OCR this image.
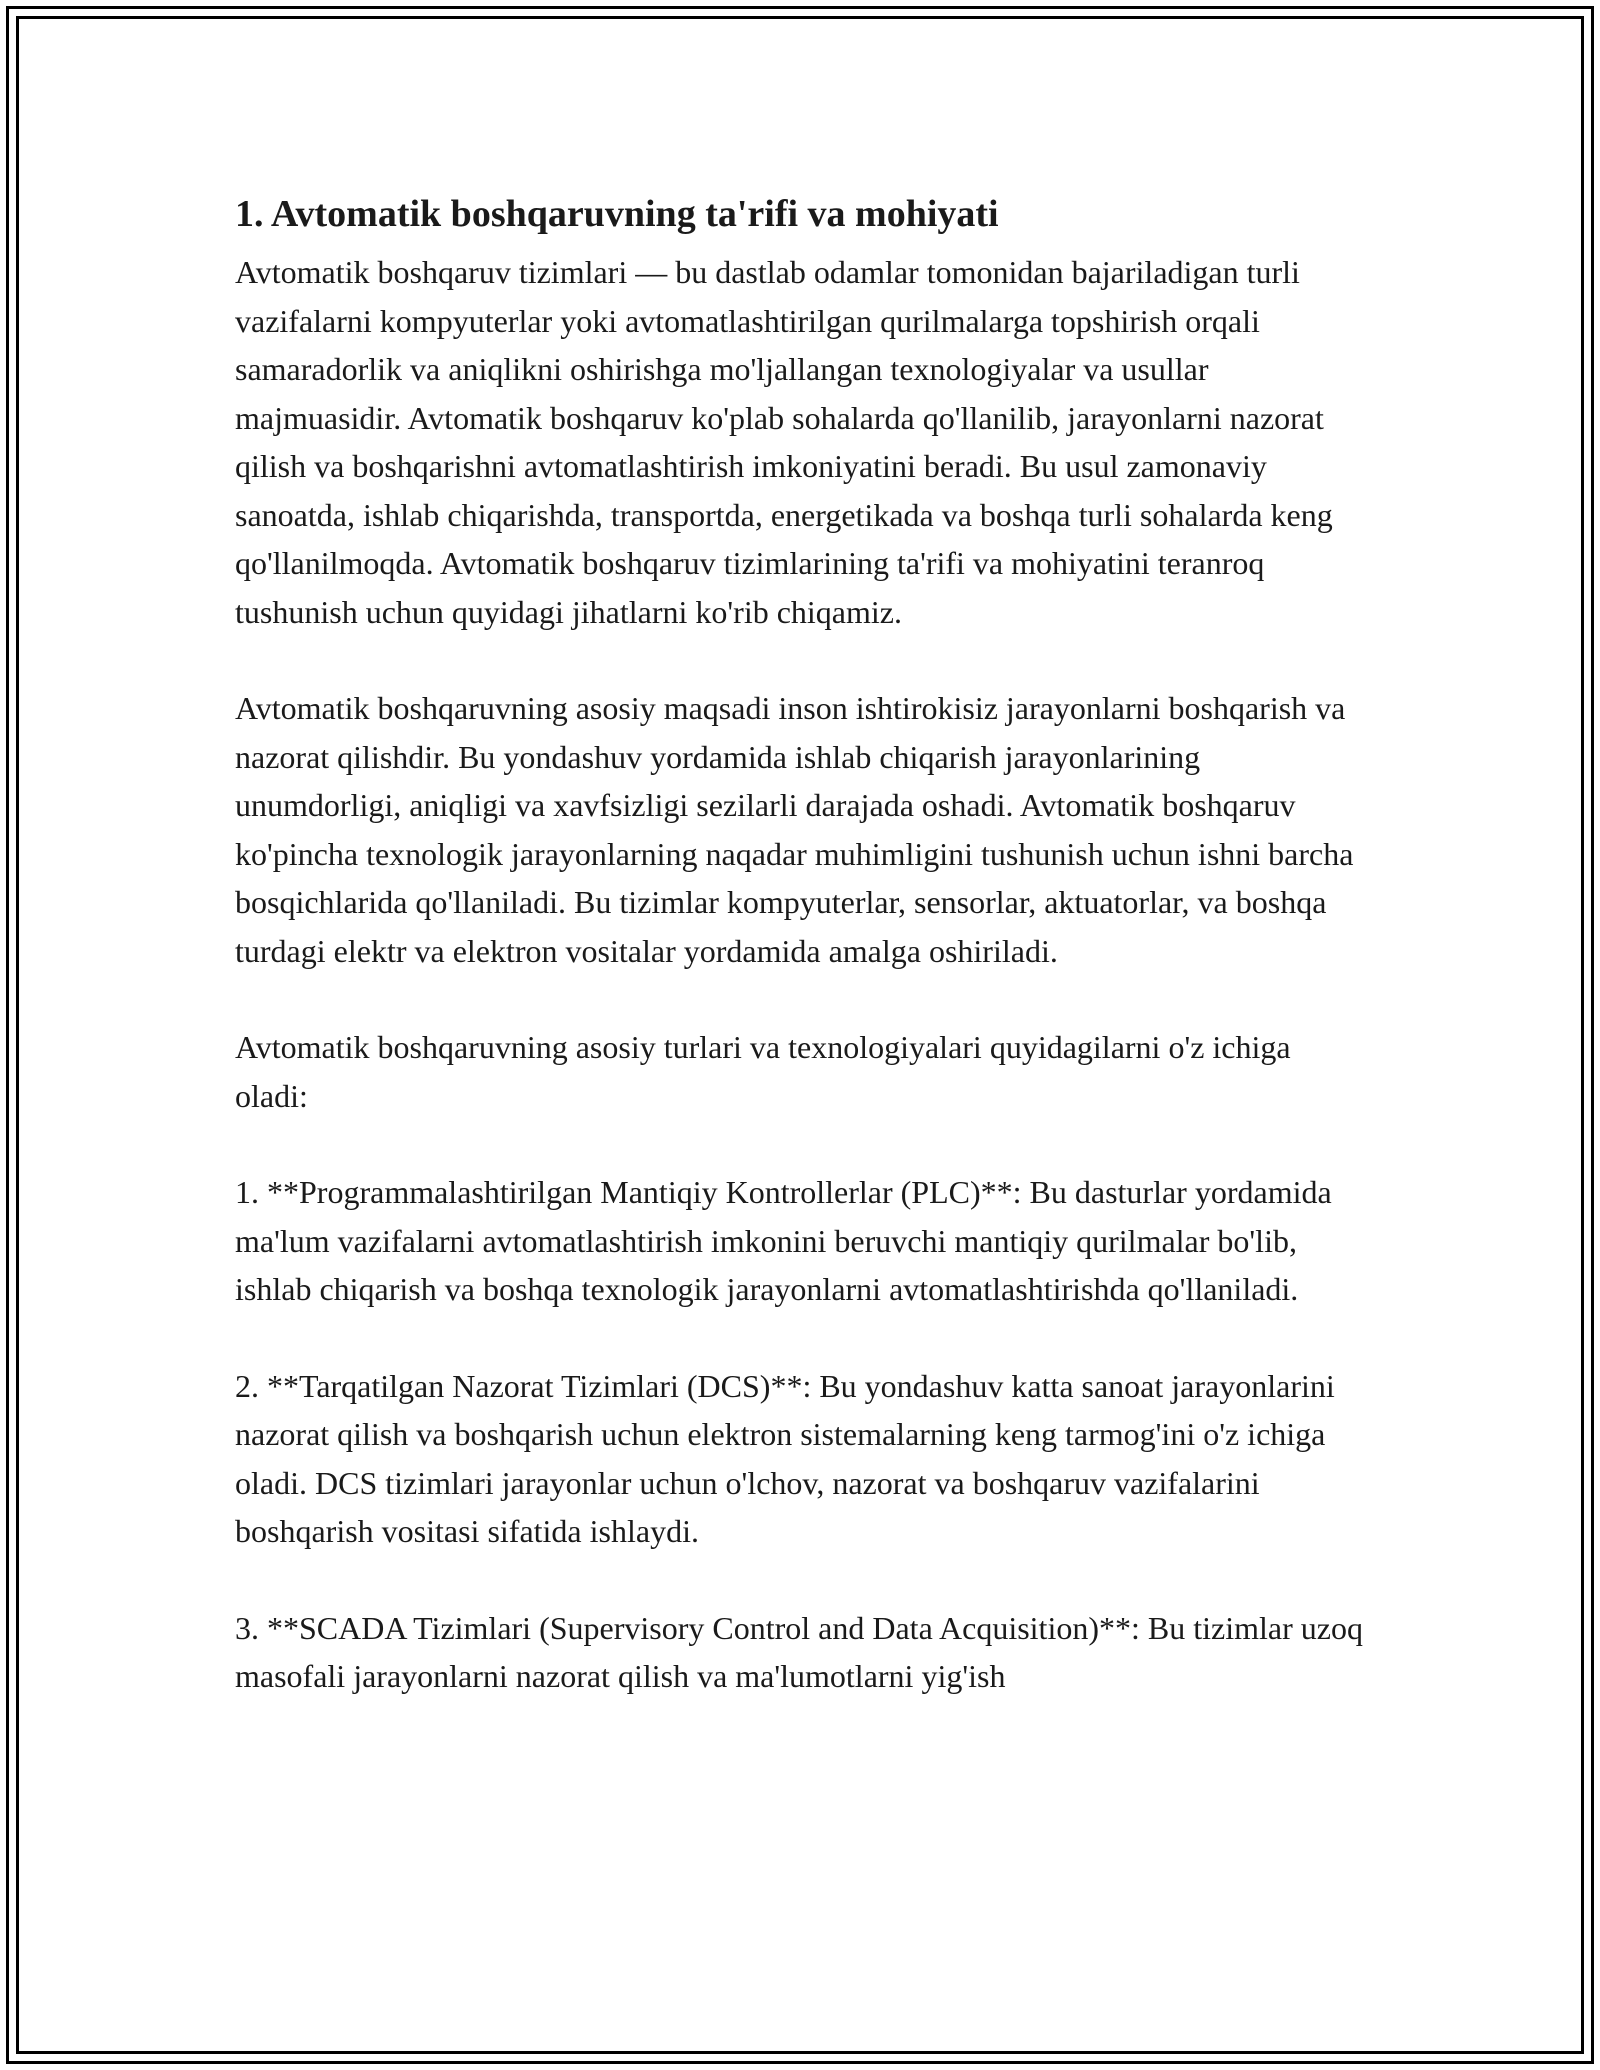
1. Avtomatik boshqaruvning ta'rifi va mohiyati

Avtomatik boshqaruv tizimlari — bu dastlab odamlar tomonidan bajariladigan turli vazifalarni kompyuterlar yoki avtomatlashtirilgan qurilmalarga topshirish orqali samaradorlik va aniqlikni oshirishga mo'ljallangan texnologiyalar va usullar majmuasidir. Avtomatik boshqaruv ko'plab sohalarda qo'llanilib, jarayonlarni nazorat qilish va boshqarishni avtomatlashtirish imkoniyatini beradi. Bu usul zamonaviy sanoatda, ishlab chiqarishda, transportda, energetikada va boshqa turli sohalarda keng qo'llanilmoqda. Avtomatik boshqaruv tizimlarining ta'rifi va mohiyatini teranroq tushunish uchun quyidagi jihatlarni ko'rib chiqamiz.

Avtomatik boshqaruvning asosiy maqsadi inson ishtirokisiz jarayonlarni boshqarish va nazorat qilishdir. Bu yondashuv yordamida ishlab chiqarish jarayonlarining unumdorligi, aniqligi va xavfsizligi sezilarli darajada oshadi. Avtomatik boshqaruv ko'pincha texnologik jarayonlarning naqadar muhimligini tushunish uchun ishni barcha bosqichlarida qo'llaniladi. Bu tizimlar kompyuterlar, sensorlar, aktuatorlar, va boshqa turdagi elektr va elektron vositalar yordamida amalga oshiriladi.

Avtomatik boshqaruvning asosiy turlari va texnologiyalari quyidagilarni o'z ichiga oladi:

1. **Programmalashtirilgan Mantiqiy Kontrollerlar (PLC)**: Bu dasturlar yordamida ma'lum vazifalarni avtomatlashtirish imkonini beruvchi mantiqiy qurilmalar bo'lib, ishlab chiqarish va boshqa texnologik jarayonlarni avtomatlashtirishda qo'llaniladi.

2. **Tarqatilgan Nazorat Tizimlari (DCS)**: Bu yondashuv katta sanoat jarayonlarini nazorat qilish va boshqarish uchun elektron sistemalarning keng tarmog'ini o'z ichiga oladi. DCS tizimlari jarayonlar uchun o'lchov, nazorat va boshqaruv vazifalarini boshqarish vositasi sifatida ishlaydi.

3. **SCADA Tizimlari (Supervisory Control and Data Acquisition)**: Bu tizimlar uzoq masofali jarayonlarni nazorat qilish va ma'lumotlarni yig'ish
